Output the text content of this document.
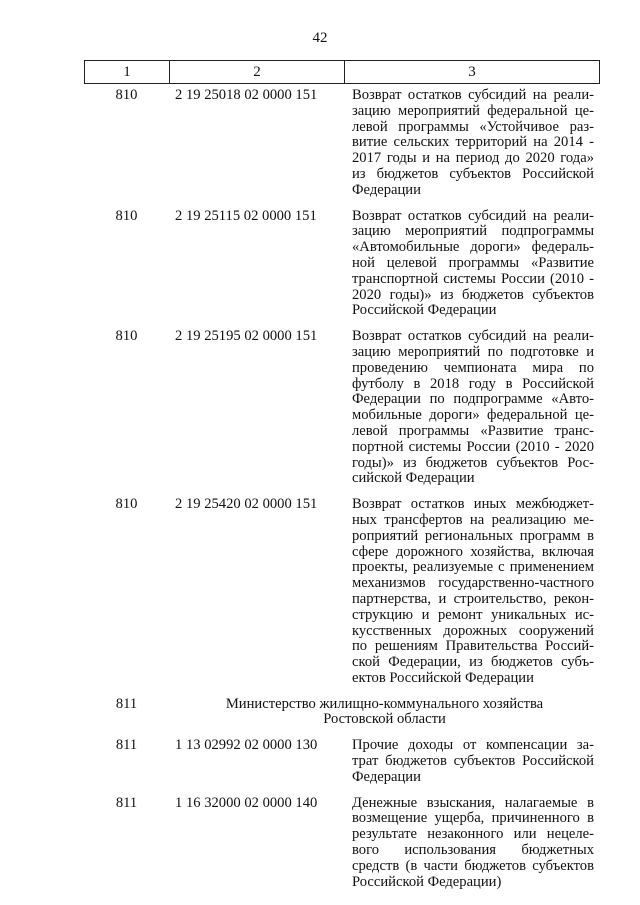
42
1	2	3
810	2 19 25018 02 0000 151	Возврат остатков субсидий на реали-
зацию мероприятий федеральной це-
левой программы «Устойчивое раз-
витие сельских территорий на 2014 -
2017 годы и на период до 2020 года»
из бюджетов субъектов Российской
Федерации
810	2 19 25115 02 0000 151	Возврат остатков субсидий на реали-
зацию мероприятий подпрограммы
«Автомобильные дороги» федераль-
ной целевой программы «Развитие
транспортной системы России (2010 -
2020 годы)» из бюджетов субъектов
Российской Федерации
810	2 19 25195 02 0000 151	Возврат остатков субсидий на реали-
зацию мероприятий по подготовке и
проведению чемпионата мира по
футболу в 2018 году в Российской
Федерации по подпрограмме «Авто-
мобильные дороги» федеральной це-
левой программы «Развитие транс-
портной системы России (2010 - 2020
годы)» из бюджетов субъектов Рос-
сийской Федерации
810	2 19 25420 02 0000 151	Возврат остатков иных межбюджет-
ных трансфертов на реализацию ме-
роприятий региональных программ в
сфере дорожного хозяйства, включая
проекты, реализуемые с применением
механизмов государственно-частного
партнерства, и строительство, рекон-
струкцию и ремонт уникальных ис-
кусственных дорожных сооружений
по решениям Правительства Россий-
ской Федерации, из бюджетов субъ-
ектов Российской Федерации
811	Министерство жилищно-коммунального хозяйства
Ростовской области
811	1 13 02992 02 0000 130	Прочие доходы от компенсации за-
трат бюджетов субъектов Российской
Федерации
811	1 16 32000 02 0000 140	Денежные взыскания, налагаемые в
возмещение ущерба, причиненного в
результате незаконного или нецеле-
вого использования бюджетных
средств (в части бюджетов субъектов
Российской Федерации)
